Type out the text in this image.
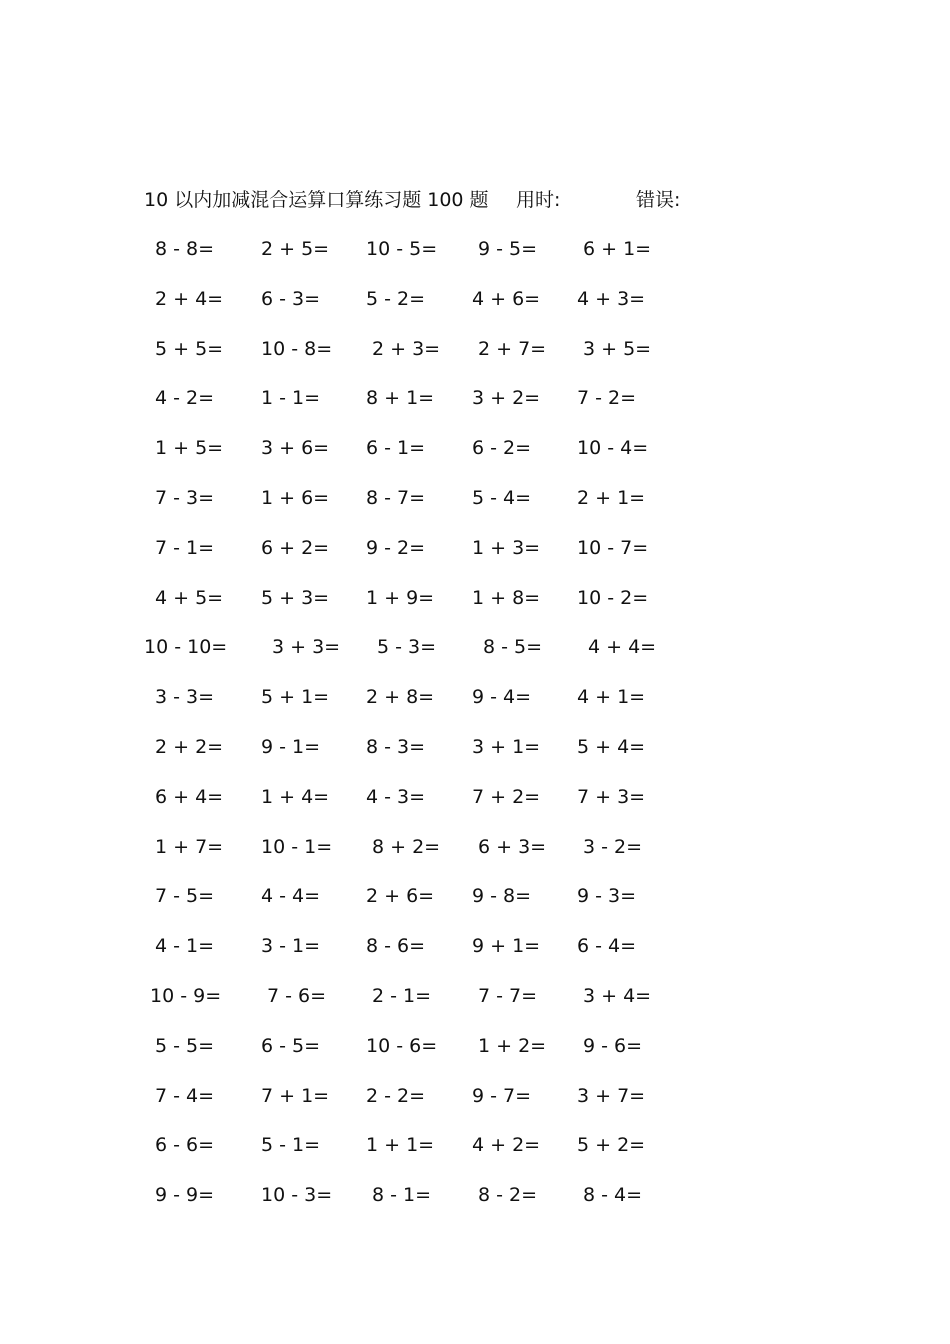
10 以内加减混合运算口算练习题 100 题 用时:	错误:
8 - 8= 2 + 5= 10 - 5= 9 - 5= 6 + 1=
2 + 4= 6 - 3= 5 - 2= 4 + 6= 4 + 3=
5 + 5= 10 - 8= 2 + 3= 2 + 7= 3 + 5=
4 - 2= 1 - 1= 8 + 1= 3 + 2= 7 - 2=
1 + 5= 3 + 6= 6 - 1= 6 - 2= 10 - 4=
7 - 3= 1 + 6= 8 - 7= 5 - 4= 2 + 1=
7 - 1= 6 + 2= 9 - 2= 1 + 3= 10 - 7=
4 + 5= 5 + 3= 1 + 9= 1 + 8= 10 - 2=
10 - 10= 3 + 3= 5 - 3= 8 - 5= 4 + 4=
3 - 3= 5 + 1= 2 + 8= 9 - 4= 4 + 1=
2 + 2= 9 - 1= 8 - 3= 3 + 1= 5 + 4=
6 + 4= 1 + 4= 4 - 3= 7 + 2= 7 + 3=
1 + 7= 10 - 1= 8 + 2= 6 + 3= 3 - 2=
7 - 5= 4 - 4= 2 + 6= 9 - 8= 9 - 3=
4 - 1= 3 - 1= 8 - 6= 9 + 1= 6 - 4=
10 - 9= 7 - 6= 2 - 1= 7 - 7= 3 + 4=
5 - 5= 6 - 5= 10 - 6= 1 + 2= 9 - 6=
7 - 4= 7 + 1= 2 - 2= 9 - 7= 3 + 7=
6 - 6= 5 - 1= 1 + 1= 4 + 2= 5 + 2=
9 - 9= 10 - 3= 8 - 1= 8 - 2= 8 - 4=
